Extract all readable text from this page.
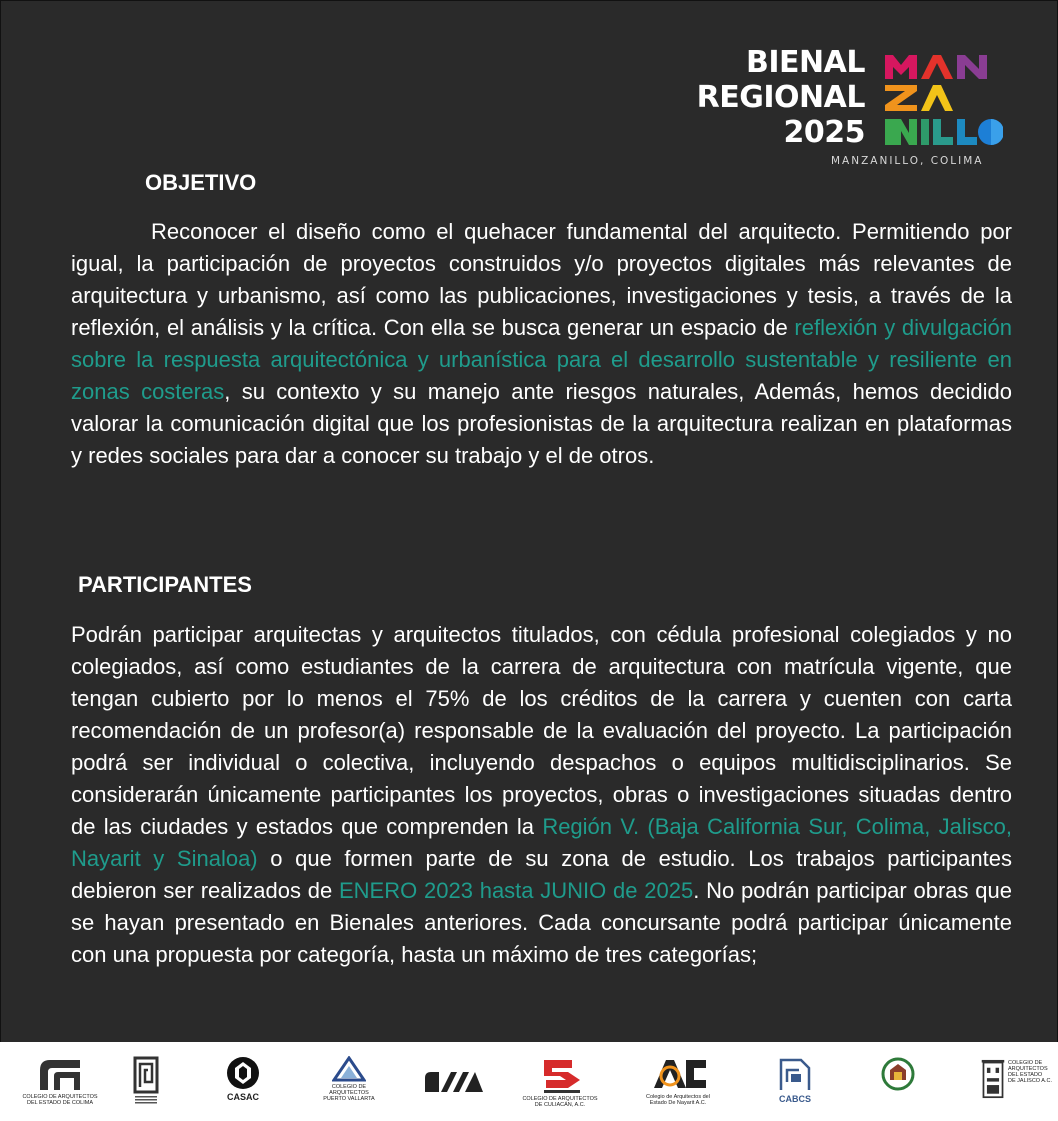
BIENAL
REGIONAL
2025
MANZANILLO, COLIMA
OBJETIVO

Reconocer el diseño como el quehacer fundamental del arquitecto. Permitiendo por igual, la participación de proyectos construidos y/o proyectos digitales más relevantes de arquitectura y urbanismo, así como las publicaciones, investigaciones y tesis, a través de la reflexión, el análisis y la crítica. Con ella se busca generar un espacio de reflexión y divulgación sobre la respuesta arquitectónica y urbanística para el desarrollo sustentable y resiliente en zonas costeras, su contexto y su manejo ante riesgos naturales, Además, hemos decidido valorar la comunicación digital que los profesionistas de la arquitectura realizan en plataformas y redes sociales para dar a conocer su trabajo y el de otros.

PARTICIPANTES

Podrán participar arquitectas y arquitectos titulados, con cédula profesional colegiados y no colegiados, así como estudiantes de la carrera de arquitectura con matrícula vigente, que tengan cubierto por lo menos el 75% de los créditos de la carrera y cuenten con carta recomendación de un profesor(a) responsable de la evaluación del proyecto. La participación podrá ser individual o colectiva, incluyendo despachos o equipos multidisciplinarios. Se considerarán únicamente participantes los proyectos, obras o investigaciones situadas dentro de las ciudades y estados que comprenden la Región V. (Baja California Sur, Colima, Jalisco, Nayarit y Sinaloa) o que formen parte de su zona de estudio. Los trabajos participantes debieron ser realizados de ENERO 2023 hasta JUNIO de 2025. No podrán participar obras que se hayan presentado en Bienales anteriores. Cada concursante podrá participar únicamente con una propuesta por categoría, hasta un máximo de tres categorías;

COLEGIO DE ARQUITECTOS
DEL ESTADO DE COLIMA
CASAC
COLEGIO DE
ARQUITECTOS
PUERTO VALLARTA	COLEGIO DE ARQUITECTOS
DE CULIACÁN, A.C.
Colegio de Arquitectos del
Estado De Nayarit A.C.	CABCS
COLEGIO DE
ARQUITECTOS
DEL ESTADO
DE JALISCO A.C.
